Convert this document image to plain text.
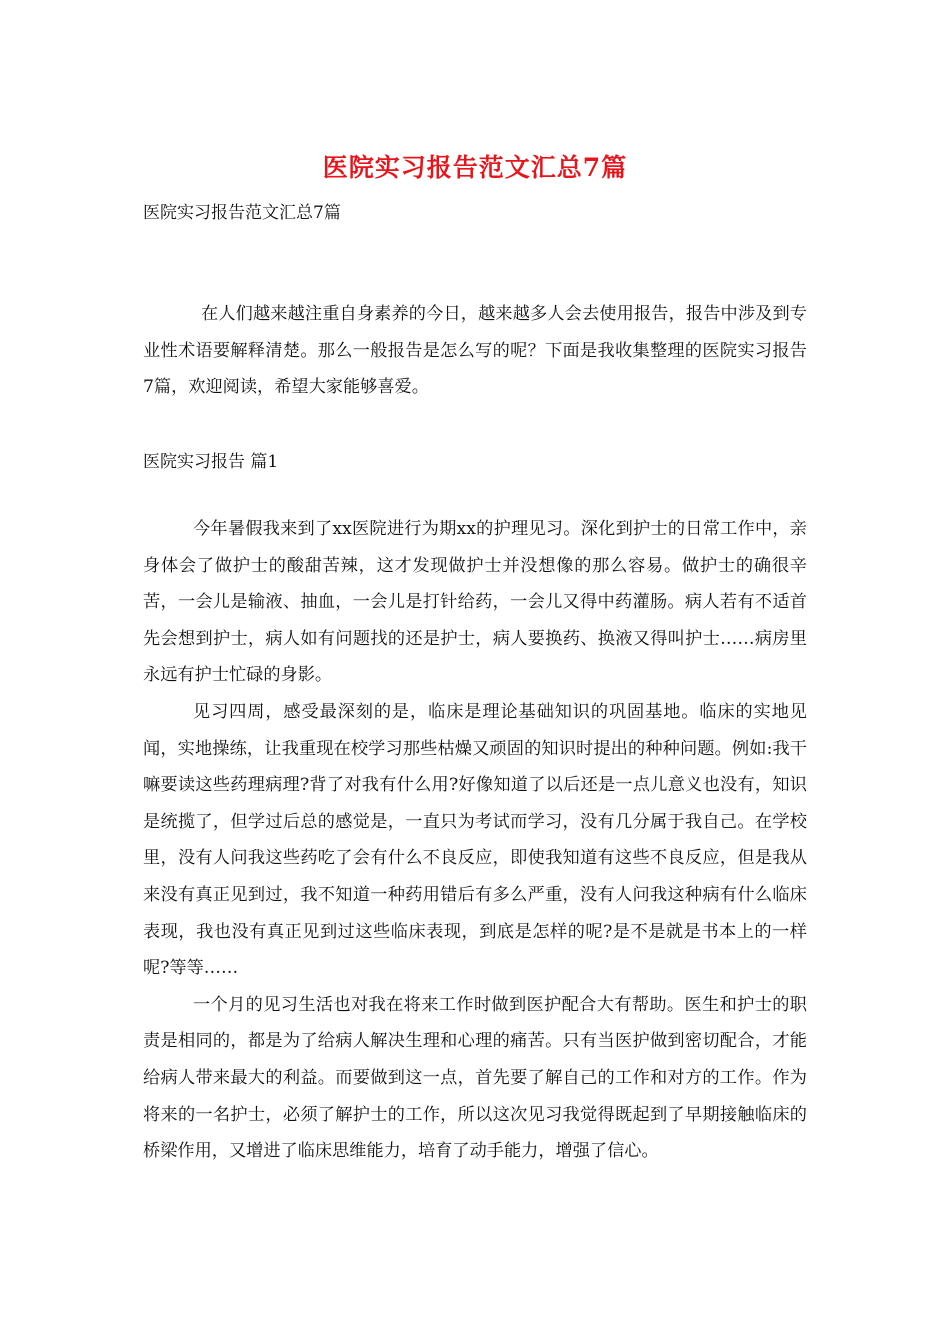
医院实习报告范文汇总7篇
医院实习报告范文汇总7篇

在人们越来越注重自身素养的今日，越来越多人会去使用报告，报告中涉及到专业性术语要解释清楚。那么一般报告是怎么写的呢？下面是我收集整理的医院实习报告7篇，欢迎阅读，希望大家能够喜爱。

医院实习报告 篇1

今年暑假我来到了xx医院进行为期xx的护理见习。深化到护士的日常工作中，亲身体会了做护士的酸甜苦辣，这才发现做护士并没想像的那么容易。做护士的确很辛苦，一会儿是输液、抽血，一会儿是打针给药，一会儿又得中药灌肠。病人若有不适首先会想到护士，病人如有问题找的还是护士，病人要换药、换液又得叫护士……病房里永远有护士忙碌的身影。

见习四周，感受最深刻的是，临床是理论基础知识的巩固基地。临床的实地见闻，实地操练，让我重现在校学习那些枯燥又顽固的知识时提出的种种问题。例如:我干嘛要读这些药理病理?背了对我有什么用?好像知道了以后还是一点儿意义也没有，知识是统揽了，但学过后总的感觉是，一直只为考试而学习，没有几分属于我自己。在学校里，没有人问我这些药吃了会有什么不良反应，即使我知道有这些不良反应，但是我从来没有真正见到过，我不知道一种药用错后有多么严重，没有人问我这种病有什么临床表现，我也没有真正见到过这些临床表现，到底是怎样的呢?是不是就是书本上的一样呢?等等……

一个月的见习生活也对我在将来工作时做到医护配合大有帮助。医生和护士的职责是相同的，都是为了给病人解决生理和心理的痛苦。只有当医护做到密切配合，才能给病人带来最大的利益。而要做到这一点，首先要了解自己的工作和对方的工作。作为将来的一名护士，必须了解护士的工作，所以这次见习我觉得既起到了早期接触临床的桥梁作用，又增进了临床思维能力，培育了动手能力，增强了信心。
